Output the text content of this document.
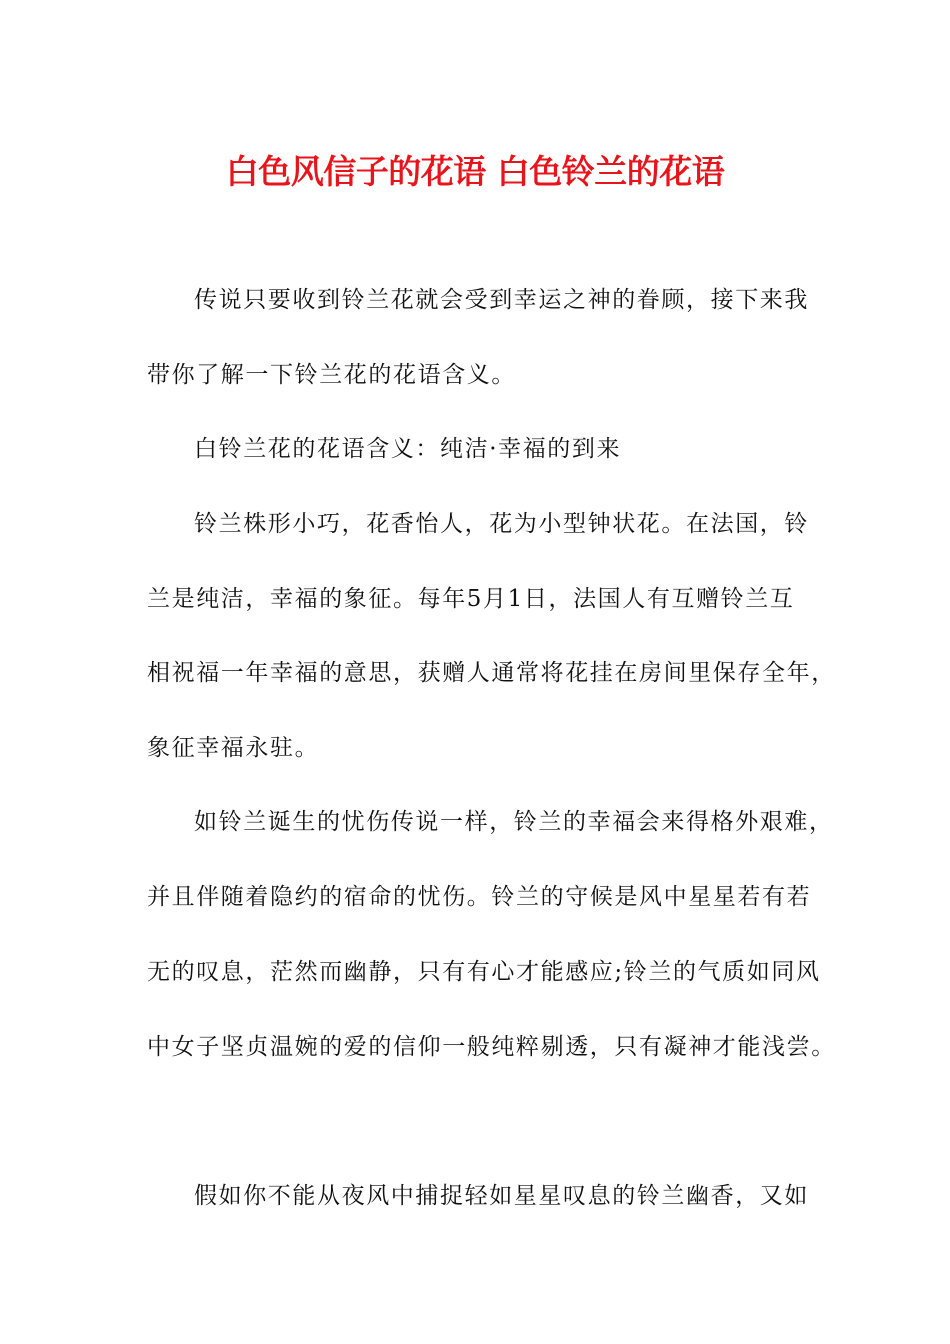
白色风信子的花语 白色铃兰的花语
传说只要收到铃兰花就会受到幸运之神的眷顾，接下来我
带你了解一下铃兰花的花语含义。
白铃兰花的花语含义：纯洁·幸福的到来
铃兰株形小巧，花香怡人，花为小型钟状花。在法国，铃
兰是纯洁，幸福的象征。每年5月1日，法国人有互赠铃兰互
相祝福一年幸福的意思，获赠人通常将花挂在房间里保存全年，
象征幸福永驻。
如铃兰诞生的忧伤传说一样，铃兰的幸福会来得格外艰难，
并且伴随着隐约的宿命的忧伤。铃兰的守候是风中星星若有若
无的叹息，茫然而幽静，只有有心才能感应;铃兰的气质如同风
中女子坚贞温婉的爱的信仰一般纯粹剔透，只有凝神才能浅尝。
假如你不能从夜风中捕捉轻如星星叹息的铃兰幽香，又如
